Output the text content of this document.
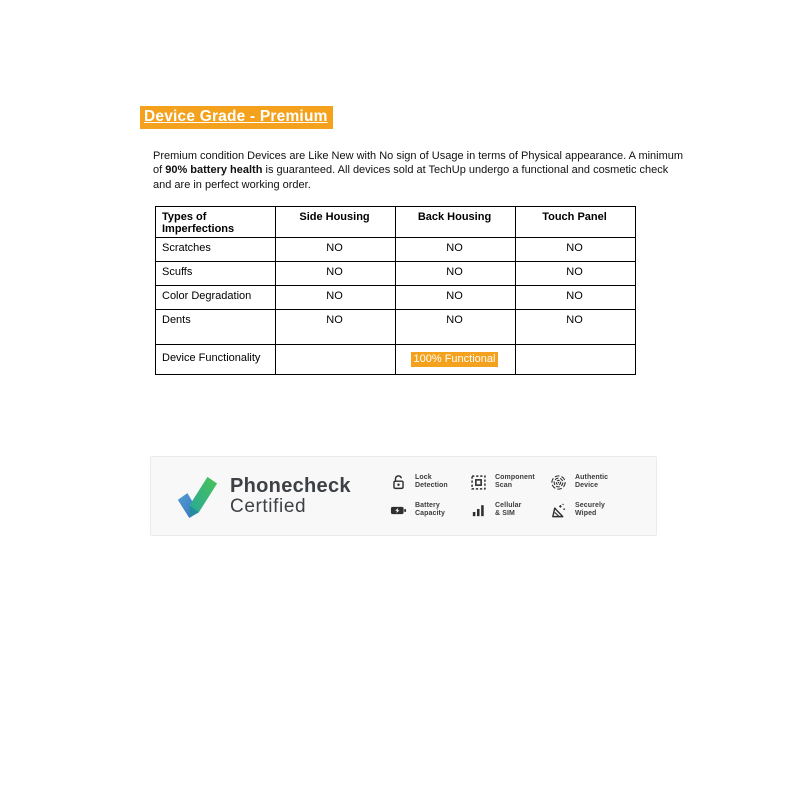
Device Grade - Premium
Premium condition Devices are Like New with No sign of Usage in terms of Physical appearance. A minimum of 90% battery health is guaranteed. All devices sold at TechUp undergo a functional and cosmetic check and are in perfect working order.
Types of Imperfections	Side Housing	Back Housing	Touch Panel
Scratches	NO	NO	NO
Scuffs	NO	NO	NO
Color Degradation	NO	NO	NO
Dents	NO	NO	NO
Device Functionality		100% Functional	
Phonecheck
Certified
Lock
Detection
Component
Scan
Authentic
Device
Battery
Capacity
Cellular
& SIM
Securely
Wiped
